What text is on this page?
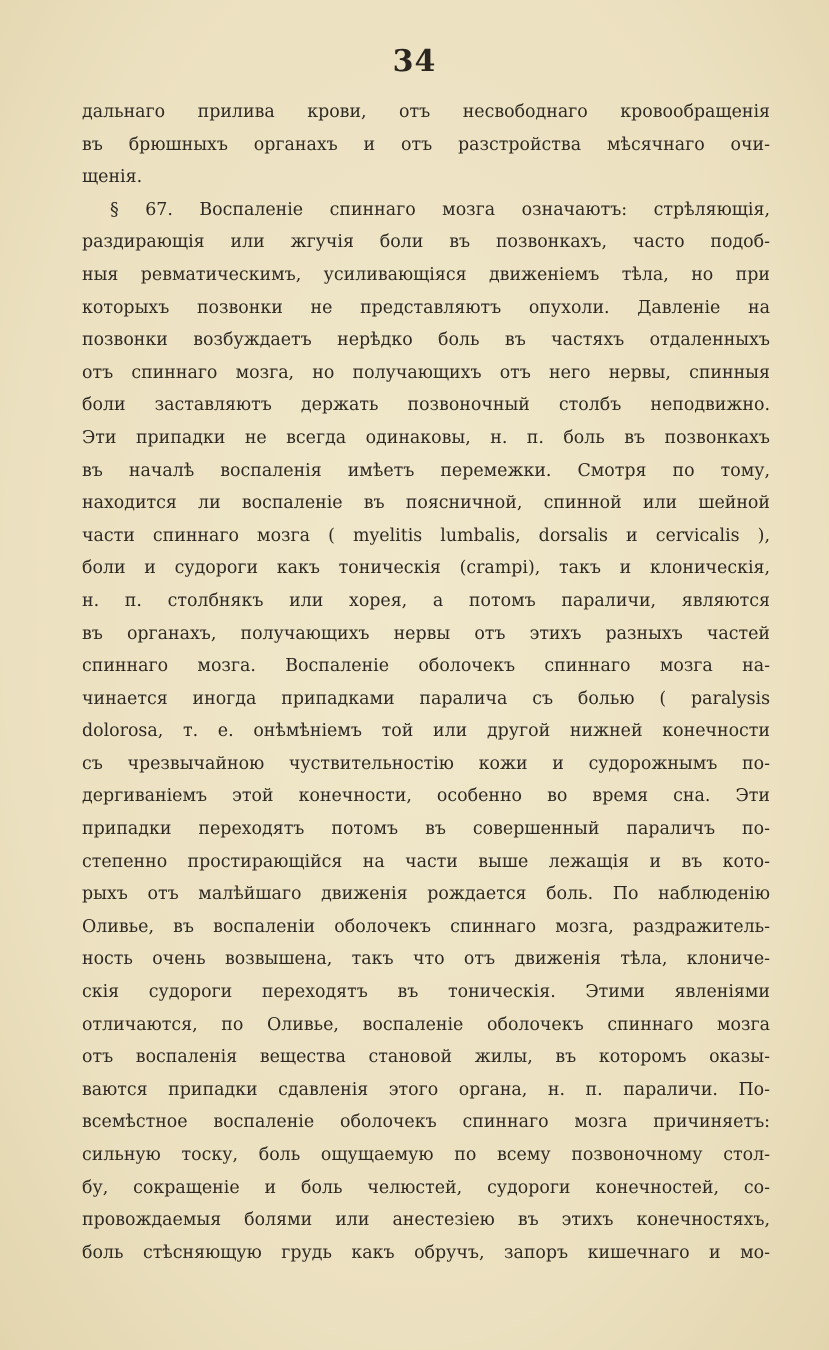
34
дальнаго прилива крови, отъ несвободнаго кровообращенія
въ брюшныхъ органахъ и отъ разстройства мѣсячнаго очи-
щенія.
§ 67. Воспаленіе спиннаго мозга означаютъ: стрѣляющія,
раздирающія или жгучія боли въ позвонкахъ, часто подоб-
ныя ревматическимъ, усиливающіяся движеніемъ тѣла, но при
которыхъ позвонки не представляютъ опухоли. Давленіе на
позвонки возбуждаетъ нерѣдко боль въ частяхъ отдаленныхъ
отъ спиннаго мозга, но получающихъ отъ него нервы, спинныя
боли заставляютъ держать позвоночный столбъ неподвижно.
Эти припадки не всегда одинаковы, н. п. боль въ позвонкахъ
въ началѣ воспаленія имѣетъ перемежки. Смотря по тому,
находится ли воспаленіе въ поясничной, спинной или шейной
части спиннаго мозга ( myelitis lumbalis, dorsalis и cervicalis ),
боли и судороги какъ тоническія (crampi), такъ и клоническія,
н. п. столбнякъ или хорея, а потомъ параличи, являются
въ органахъ, получающихъ нервы отъ этихъ разныхъ частей
спиннаго мозга. Воспаленіе оболочекъ спиннаго мозга на-
чинается иногда припадками паралича съ болью ( paralysis
dolorosa, т. е. онѣмѣніемъ той или другой нижней конечности
съ чрезвычайною чуствительностію кожи и судорожнымъ по-
дергиваніемъ этой конечности, особенно во время сна. Эти
припадки переходятъ потомъ въ совершенный параличъ по-
степенно простирающійся на части выше лежащія и въ кото-
рыхъ отъ малѣйшаго движенія рождается боль. По наблюденію
Оливье, въ воспаленіи оболочекъ спиннаго мозга, раздражитель-
ность очень возвышена, такъ что отъ движенія тѣла, клониче-
скія судороги переходятъ въ тоническія. Этими явленіями
отличаются, по Оливье, воспаленіе оболочекъ спиннаго мозга
отъ воспаленія вещества становой жилы, въ которомъ оказы-
ваются припадки сдавленія этого органа, н. п. параличи. По-
всемѣстное воспаленіе оболочекъ спиннаго мозга причиняетъ:
сильную тоску, боль ощущаемую по всему позвоночному стол-
бу, сокращеніе и боль челюстей, судороги конечностей, со-
провождаемыя болями или анестезіею въ этихъ конечностяхъ,
боль стѣсняющую грудь какъ обручъ, запоръ кишечнаго и мо-
